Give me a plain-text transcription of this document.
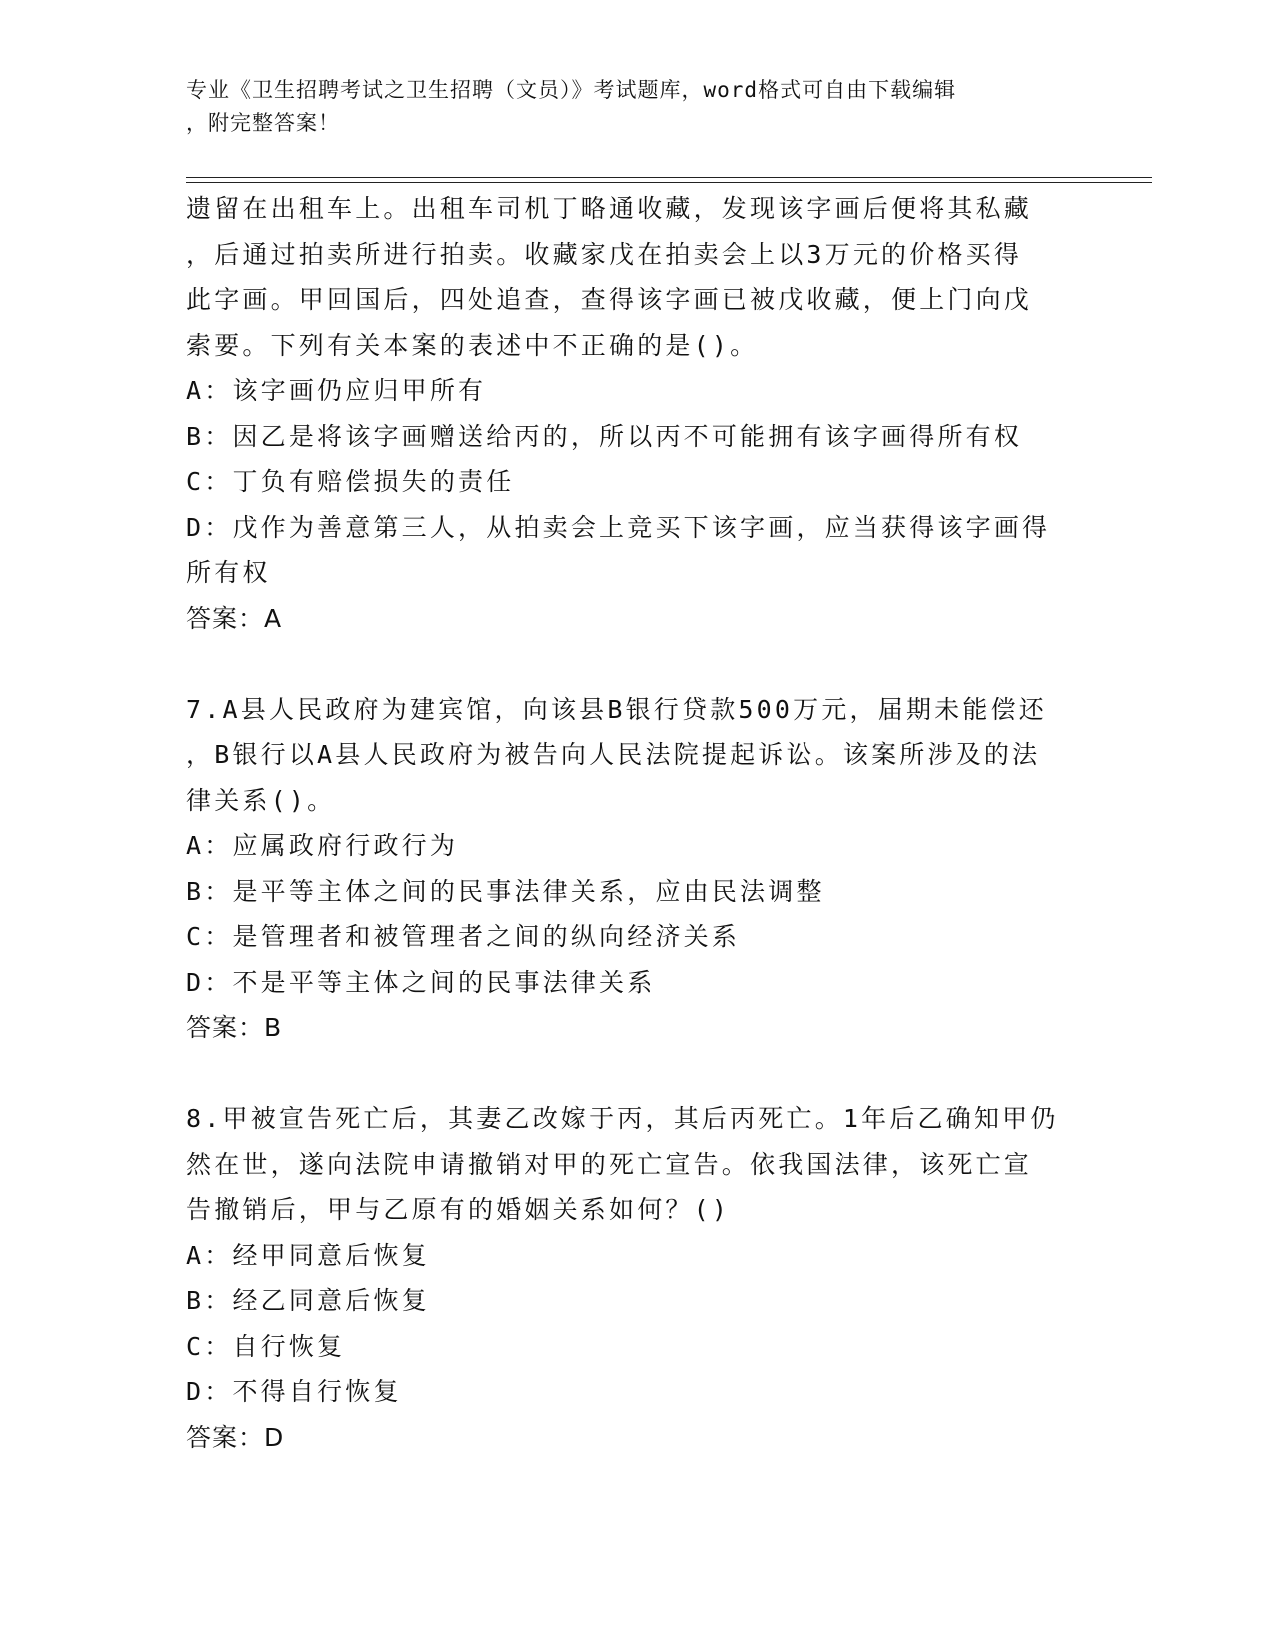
专业《卫生招聘考试之卫生招聘（文员）》考试题库，word格式可自由下载编辑

，附完整答案！

遗留在出租车上。出租车司机丁略通收藏，发现该字画后便将其私藏

，后通过拍卖所进行拍卖。收藏家戊在拍卖会上以3万元的价格买得

此字画。甲回国后，四处追查，查得该字画已被戊收藏，便上门向戊

索要。下列有关本案的表述中不正确的是()。

A：该字画仍应归甲所有

B：因乙是将该字画赠送给丙的，所以丙不可能拥有该字画得所有权

C：丁负有赔偿损失的责任

D：戊作为善意第三人，从拍卖会上竞买下该字画，应当获得该字画得

所有权

答案：A

7.A县人民政府为建宾馆，向该县B银行贷款500万元，届期未能偿还

，B银行以A县人民政府为被告向人民法院提起诉讼。该案所涉及的法

律关系()。

A：应属政府行政行为

B：是平等主体之间的民事法律关系，应由民法调整

C：是管理者和被管理者之间的纵向经济关系

D：不是平等主体之间的民事法律关系

答案：B

8.甲被宣告死亡后，其妻乙改嫁于丙，其后丙死亡。1年后乙确知甲仍

然在世，遂向法院申请撤销对甲的死亡宣告。依我国法律，该死亡宣

告撤销后，甲与乙原有的婚姻关系如何？()

A：经甲同意后恢复

B：经乙同意后恢复

C：自行恢复

D：不得自行恢复

答案：D
